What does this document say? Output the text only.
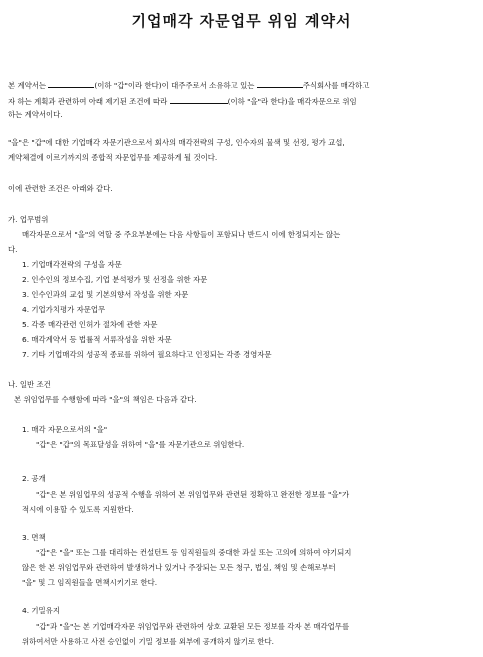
기업매각 자문업무 위임 계약서
본 계약서는	(이하 "갑"이라 한다)이 대주주로서 소유하고 있는	주식회사를 매각하고
자 하는 계획과 관련하여 아래 제기된 조건에 따라	(이하 "을"라 한다)을 매각자문으로 위임
하는 계약서이다.
"을"은 "갑"에 대한 기업매각 자문기관으로서 회사의 매각전략의 구성, 인수자의 물색 및 선정, 평가 교섭,
계약체결에 이르기까지의 종합적 자문업무를 제공하게 될 것이다.
이에 관련한 조건은 아래와 같다.
가. 업무범위
매각자문으로서 "을"의 역할 중 주요부분에는 다음 사항들이 포함되나 반드시 이에 한정되지는 않는
다.
1. 기업매각전략의 구성을 자문
2. 인수인의 정보수집, 기업 분석평가 및 선정을 위한 자문
3. 인수인과의 교섭 및 기본의향서 작성을 위한 자문
4. 기업가치평가 자문업무
5. 각종 매각관련 인허가 절차에 관한 자문
6. 매각계약서 등 법률적 서류작성을 위한 자문
7. 기타 기업매각의 성공적 종료를 위하여 필요하다고 인정되는 각종 경영자문
나. 일반 조건
본 위임업무를 수행함에 따라 "을"의 책임은 다음과 같다.
1. 매각 자문으로서의 "을"
"갑"은 "갑"의 목표달성을 위하여 "을"를 자문기관으로 위임한다.
2. 공개
"갑"은 본 위임업무의 성공적 수행을 위하여 본 위임업무와 관련된 정확하고 완전한 정보를 "을"가
적시에 이용할 수 있도록 지원한다.
3. 면책
"갑"은 "을" 또는 그를 대리하는 컨설턴트 등 임직원들의 중대한 과실 또는 고의에 의하여 야기되지
않은 한 본 위임업무와 관련하여 발생하거나 있거나 주장되는 모든 청구, 법실, 책임 및 손해로부터
"을" 및 그 임직원들을 면책시키기로 한다.
4. 기밀유지
"갑"과 "을"는 본 기업매각자문 위임업무와 관련하여 상호 교환된 모든 정보를 각자 본 매각업무를
위하여서만 사용하고 사전 승인없이 기밀 정보를 외부에 공개하지 않기로 한다.
